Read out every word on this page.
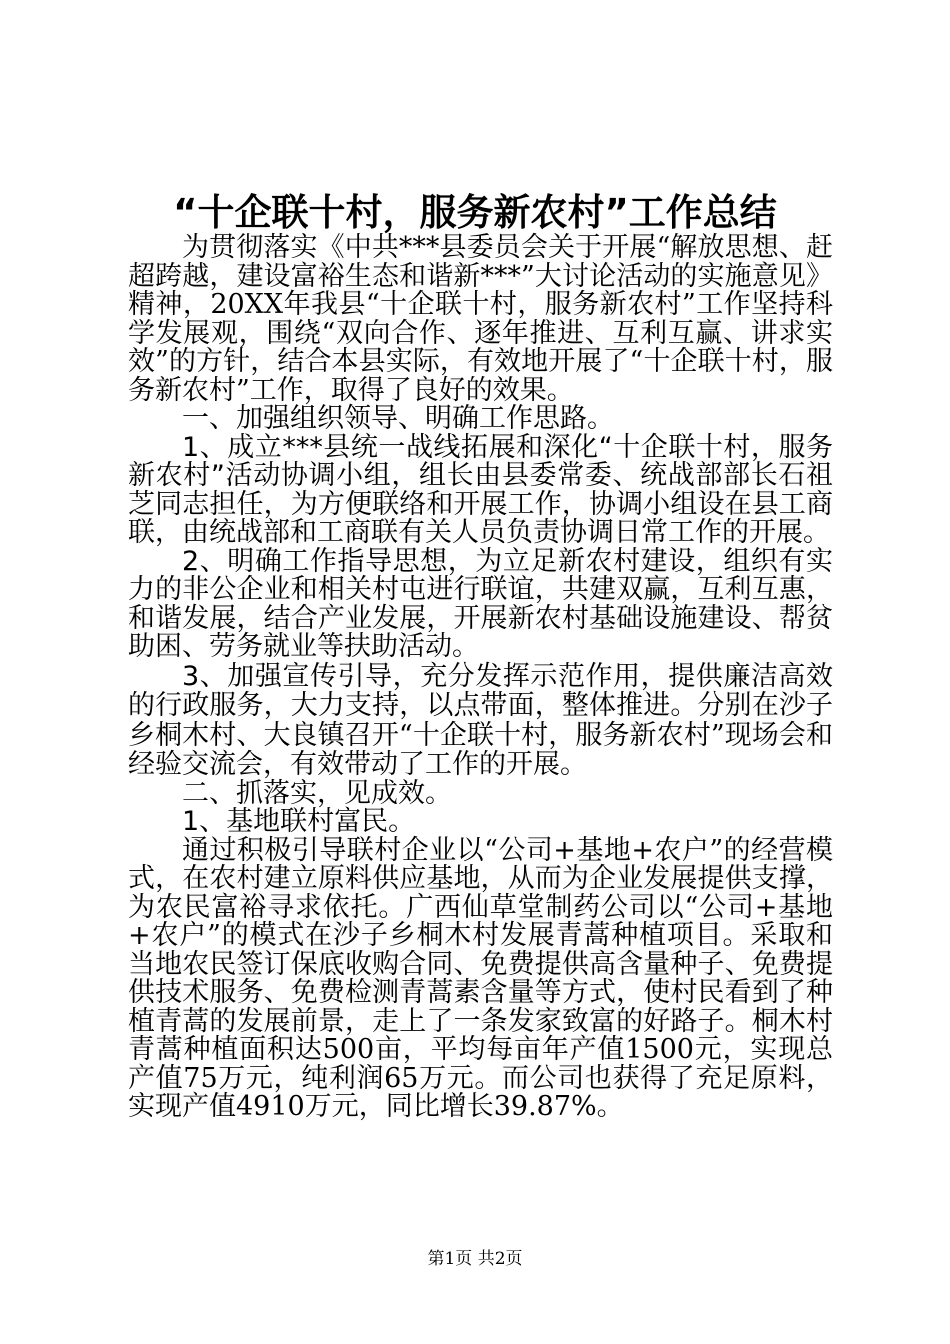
“十企联十村，服务新农村”工作总结

为贯彻落实《中共***县委员会关于开展“解放思想、赶超跨越，建设富裕生态和谐新***”大讨论活动的实施意见》精神，20XX年我县“十企联十村，服务新农村”工作坚持科学发展观，围绕“双向合作、逐年推进、互利互赢、讲求实效”的方针，结合本县实际，有效地开展了“十企联十村，服务新农村”工作，取得了良好的效果。

一、加强组织领导、明确工作思路。

1、成立***县统一战线拓展和深化“十企联十村，服务新农村”活动协调小组，组长由县委常委、统战部部长石祖芝同志担任，为方便联络和开展工作，协调小组设在县工商联，由统战部和工商联有关人员负责协调日常工作的开展。

2、明确工作指导思想，为立足新农村建设，组织有实力的非公企业和相关村屯进行联谊，共建双赢，互利互惠，和谐发展，结合产业发展，开展新农村基础设施建设、帮贫助困、劳务就业等扶助活动。

3、加强宣传引导，充分发挥示范作用，提供廉洁高效的行政服务，大力支持，以点带面，整体推进。分别在沙子乡桐木村、大良镇召开“十企联十村，服务新农村”现场会和经验交流会，有效带动了工作的开展。

二、抓落实，见成效。

1、基地联村富民。

通过积极引导联村企业以“公司+基地+农户”的经营模式，在农村建立原料供应基地，从而为企业发展提供支撑，为农民富裕寻求依托。广西仙草堂制药公司以“公司+基地+农户”的模式在沙子乡桐木村发展青蒿种植项目。采取和当地农民签订保底收购合同、免费提供高含量种子、免费提供技术服务、免费检测青蒿素含量等方式，使村民看到了种植青蒿的发展前景，走上了一条发家致富的好路子。桐木村青蒿种植面积达500亩，平均每亩年产值1500元，实现总产值75万元，纯利润65万元。而公司也获得了充足原料，实现产值4910万元，同比增长39.87%。

第1页 共2页
